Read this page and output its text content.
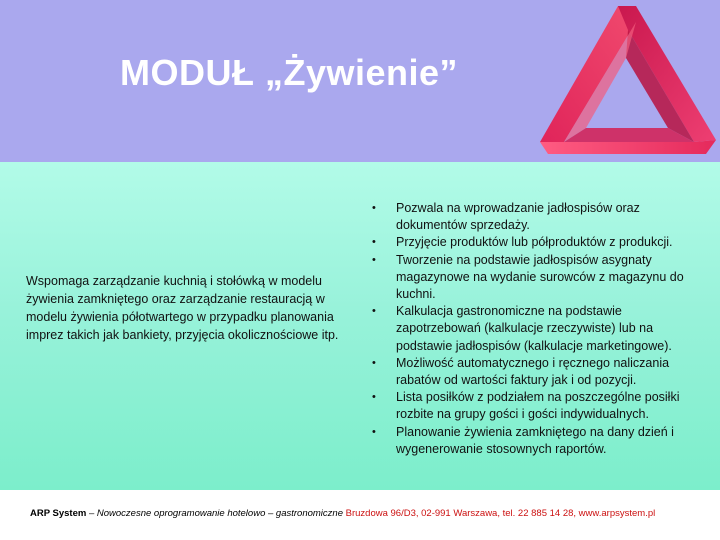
MODUŁ „Żywienie”
Wspomaga zarządzanie kuchnią i stołówką w modelu żywienia zamkniętego oraz zarządzanie restauracją w modelu żywienia półotwartego w przypadku planowania imprez takich jak bankiety, przyjęcia okolicznościowe itp.
• Pozwala na wprowadzanie jadłospisów oraz dokumentów sprzedaży.
• Przyjęcie produktów lub półproduktów z produkcji.
• Tworzenie na podstawie jadłospisów asygnaty magazynowe na wydanie surowców z magazynu do kuchni.
• Kalkulacja gastronomiczne na podstawie zapotrzebowań (kalkulacje rzeczywiste) lub na podstawie jadłospisów (kalkulacje marketingowe).
• Możliwość automatycznego i ręcznego naliczania rabatów od wartości faktury jak i od pozycji.
• Lista posiłków z podziałem na poszczególne posiłki rozbite na grupy gości i gości indywidualnych.
• Planowanie żywienia zamkniętego na dany dzień i wygenerowanie stosownych raportów.
ARP System – Nowoczesne oprogramowanie hotelowo – gastronomiczne Bruzdowa 96/D3, 02-991 Warszawa, tel. 22 885 14 28, www.arpsystem.pl
